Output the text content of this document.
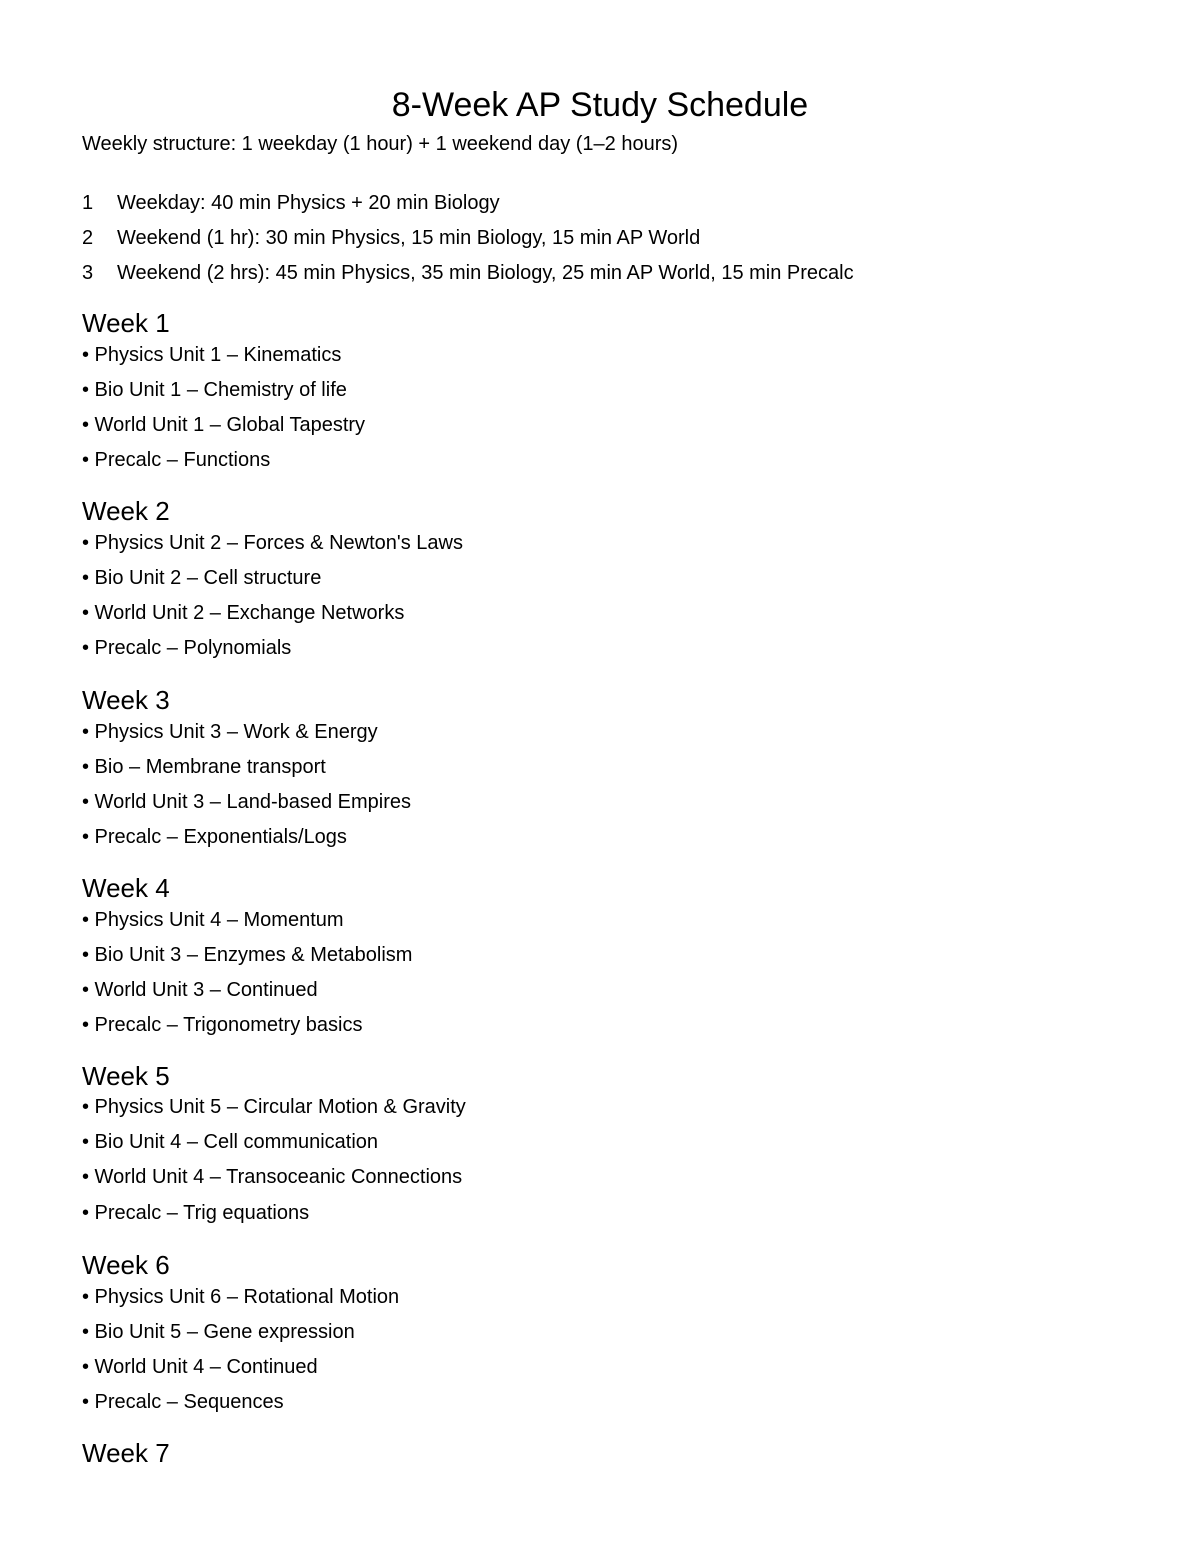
8-Week AP Study Schedule
Weekly structure: 1 weekday (1 hour) + 1 weekend day (1–2 hours)
1 Weekday: 40 min Physics + 20 min Biology
2 Weekend (1 hr): 30 min Physics, 15 min Biology, 15 min AP World
3 Weekend (2 hrs): 45 min Physics, 35 min Biology, 25 min AP World, 15 min Precalc
Week 1
• Physics Unit 1 – Kinematics
• Bio Unit 1 – Chemistry of life
• World Unit 1 – Global Tapestry
• Precalc – Functions
Week 2
• Physics Unit 2 – Forces & Newton's Laws
• Bio Unit 2 – Cell structure
• World Unit 2 – Exchange Networks
• Precalc – Polynomials
Week 3
• Physics Unit 3 – Work & Energy
• Bio – Membrane transport
• World Unit 3 – Land-based Empires
• Precalc – Exponentials/Logs
Week 4
• Physics Unit 4 – Momentum
• Bio Unit 3 – Enzymes & Metabolism
• World Unit 3 – Continued
• Precalc – Trigonometry basics
Week 5
• Physics Unit 5 – Circular Motion & Gravity
• Bio Unit 4 – Cell communication
• World Unit 4 – Transoceanic Connections
• Precalc – Trig equations
Week 6
• Physics Unit 6 – Rotational Motion
• Bio Unit 5 – Gene expression
• World Unit 4 – Continued
• Precalc – Sequences
Week 7
